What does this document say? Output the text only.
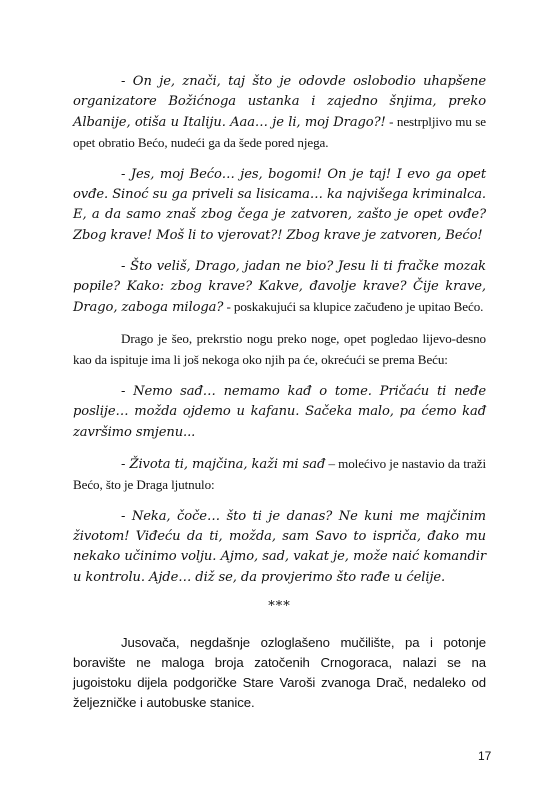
- On je, znači, taj što je odovde oslobodio uhapšene organizatore Božićnoga ustanka i zajedno šnjima, preko Albanije, otiša u Italiju. Aaa… je li, moj Drago?! - nestrpljivo mu se opet obratio Bećo, nudeći ga da šede pored njega.

- Jes, moj Bećo… jes, bogomi! On je taj! I evo ga opet ovđe. Sinoć su ga priveli sa lisicama… ka najvišega kriminalca. E, a da samo znaš zbog čega je zatvoren, zašto je opet ovđe? Zbog krave! Moš li to vjerovat?! Zbog krave je zatvoren, Bećo!

- Što veliš, Drago, jadan ne bio? Jesu li ti fračke mozak popile? Kako: zbog krave? Kakve, đavolje krave? Čije krave, Drago, zaboga miloga? - poskakujući sa klupice začuđeno je upitao Bećo.

Drago je šeo, prekrstio nogu preko noge, opet pogledao lijevo-desno kao da ispituje ima li još nekoga oko njih pa će, okrećući se prema Beću:

- Nemo sađ… nemamo kađ o tome. Pričaću ti neđe poslije… možda ojdemo u kafanu. Sačeka malo, pa ćemo kađ završimo smjenu...

- Života ti, majčina, kaži mi sađ – molećivo je nastavio da traži Bećo, što je Draga ljutnulo:

- Neka, čoče… što ti je danas? Ne kuni me majčinim životom! Viđeću da ti, možda, sam Savo to ispriča, đako mu nekako učinimo volju. Ajmo, sad, vakat je, može naić komandir u kontrolu. Ajde… diž se, da provjerimo što rađe u ćelije.

***

Jusovača, negdašnje ozloglašeno mučilište, pa i potonje boravište ne maloga broja zatočenih Crnogoraca, nalazi se na jugoistoku dijela podgoričke Stare Varoši zvanoga Drač, nedaleko od željezničke i autobuske stanice.

17
